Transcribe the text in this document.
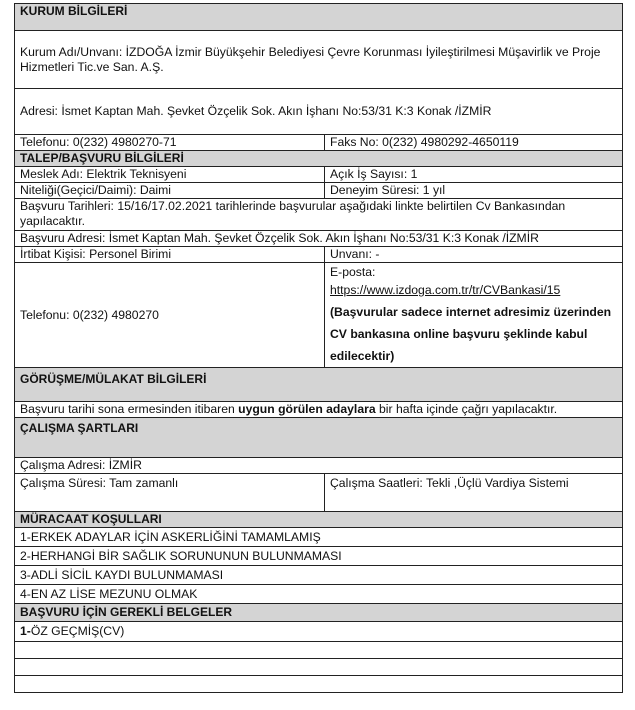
KURUM BİLGİLERİ	
Kurum Adı/Unvanı: İZDOĞA İzmir Büyükşehir Belediyesi Çevre Korunması İyileştirilmesi Müşavirlik ve Proje Hizmetleri Tic.ve San. A.Ş.	
Adresi: İsmet Kaptan Mah. Şevket Özçelik Sok. Akın İşhanı No:53/31 K:3 Konak /İZMİR	
Telefonu: 0(232) 4980270-71	Faks No: 0(232) 4980292-4650119
TALEP/BAŞVURU BİLGİLERİ	
Meslek Adı: Elektrik Teknisyeni	Açık İş Sayısı: 1
Niteliği(Geçici/Daimi): Daimi	Deneyim Süresi: 1 yıl
Başvuru Tarihleri: 15/16/17.02.2021 tarihlerinde başvurular aşağıdaki linkte belirtilen Cv Bankasından yapılacaktır.	
Başvuru Adresi: İsmet Kaptan Mah. Şevket Özçelik Sok. Akın İşhanı No:53/31 K:3 Konak /İZMİR	
İrtibat Kişisi: Personel Birimi	Unvanı: -
Telefonu: 0(232) 4980270	E-posta:
https://www.izdoga.com.tr/tr/CVBankasi/15
(Başvurular sadece internet adresimiz üzerinden CV bankasına online başvuru şeklinde kabul edilecektir)

GÖRÜŞME/MÜLAKAT BİLGİLERİ	
Başvuru tarihi sona ermesinden itibaren uygun görülen adaylara bir hafta içinde çağrı yapılacaktır.	
ÇALIŞMA ŞARTLARI	
Çalışma Adresi: İZMİR	
Çalışma Süresi: Tam zamanlı	Çalışma Saatleri: Tekli ,Üçlü Vardiya Sistemi
MÜRACAAT KOŞULLARI	
1-ERKEK ADAYLAR İÇİN ASKERLİĞİNİ TAMAMLAMIŞ	
2-HERHANGİ BİR SAĞLIK SORUNUNUN BULUNMAMASI	
3-ADLİ SİCİL KAYDI BULUNMAMASI	
4-EN AZ LİSE MEZUNU OLMAK	
BAŞVURU İÇİN GEREKLİ BELGELER	
1-ÖZ GEÇMİŞ(CV)	
